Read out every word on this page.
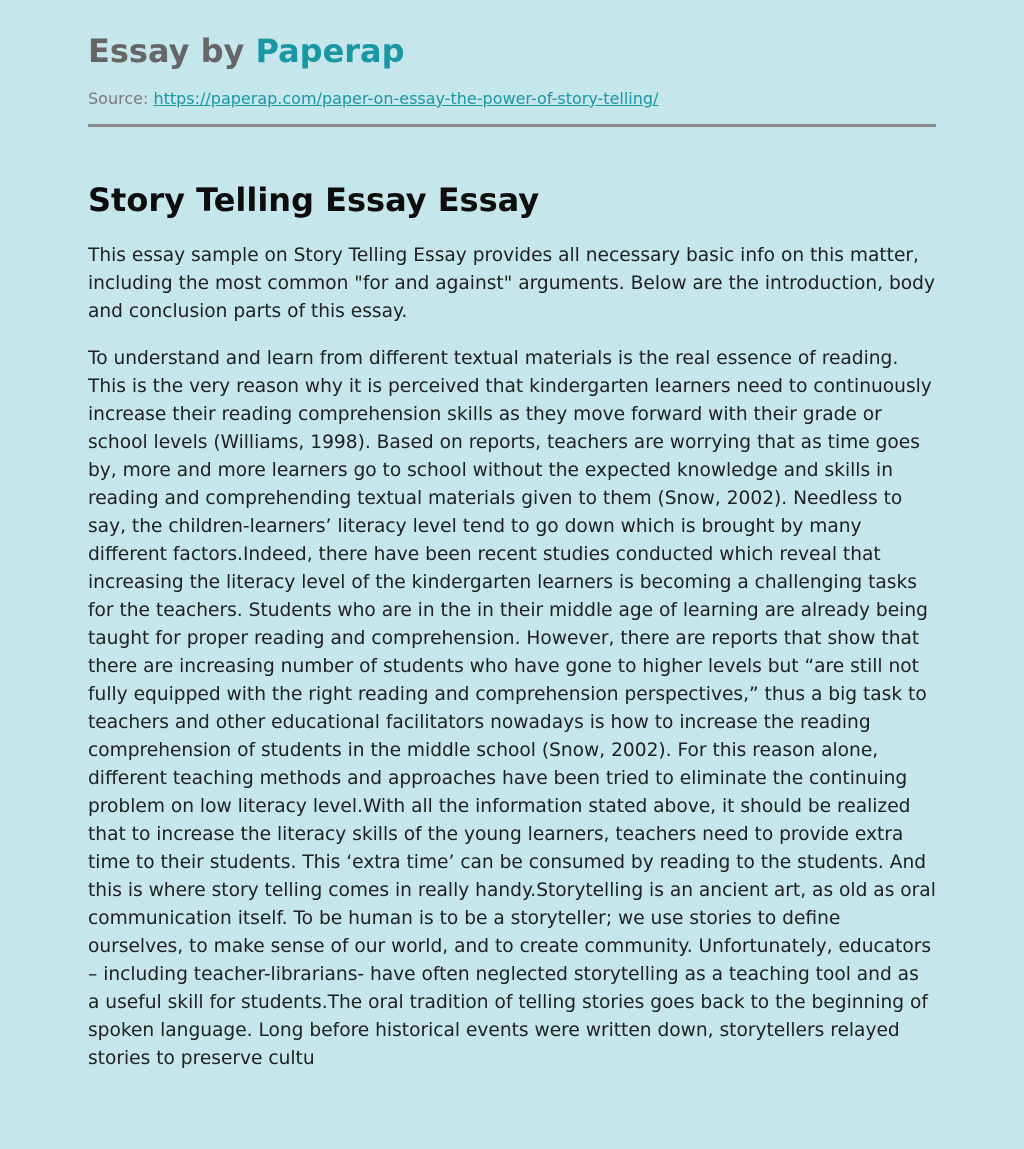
Essay by Paperap
Source: https://paperap.com/paper-on-essay-the-power-of-story-telling/
Story Telling Essay Essay

This essay sample on Story Telling Essay provides all necessary basic info on this matter, including the most common "for and against" arguments. Below are the introduction, body and conclusion parts of this essay.

To understand and learn from different textual materials is the real essence of reading. This is the very reason why it is perceived that kindergarten learners need to continuously increase their reading comprehension skills as they move forward with their grade or school levels (Williams, 1998). Based on reports, teachers are worrying that as time goes by, more and more learners go to school without the expected knowledge and skills in reading and comprehending textual materials given to them (Snow, 2002). Needless to say, the children-learners’ literacy level tend to go down which is brought by many different factors.Indeed, there have been recent studies conducted which reveal that increasing the literacy level of the kindergarten learners is becoming a challenging tasks for the teachers. Students who are in the in their middle age of learning are already being taught for proper reading and comprehension. However, there are reports that show that there are increasing number of students who have gone to higher levels but “are still not fully equipped with the right reading and comprehension perspectives,” thus a big task to teachers and other educational facilitators nowadays is how to increase the reading comprehension of students in the middle school (Snow, 2002). For this reason alone, different teaching methods and approaches have been tried to eliminate the continuing problem on low literacy level.With all the information stated above, it should be realized that to increase the literacy skills of the young learners, teachers need to provide extra time to their students. This ‘extra time’ can be consumed by reading to the students. And this is where story telling comes in really handy.Storytelling is an ancient art, as old as oral communication itself. To be human is to be a storyteller; we use stories to define ourselves, to make sense of our world, and to create community. Unfortunately, educators – including teacher-librarians- have often neglected storytelling as a teaching tool and as a useful skill for students.The oral tradition of telling stories goes back to the beginning of spoken language. Long before historical events were written down, storytellers relayed stories to preserve cultu
